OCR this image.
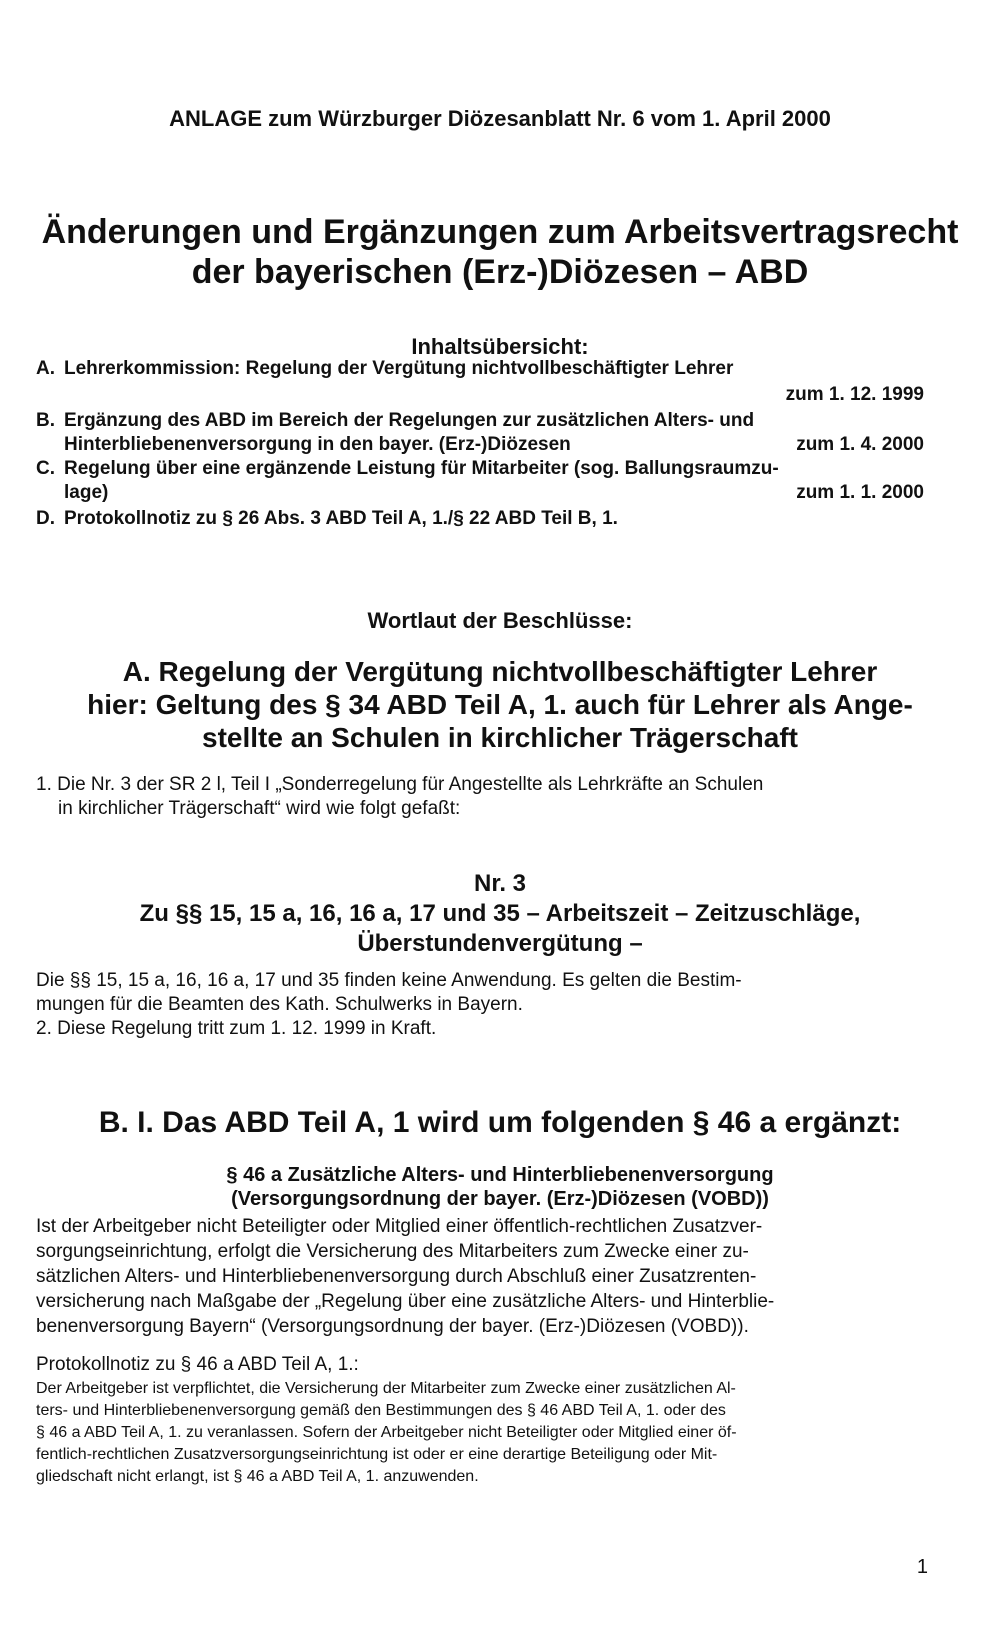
ANLAGE zum Würzburger Diözesanblatt Nr. 6 vom 1. April 2000
Änderungen und Ergänzungen zum Arbeitsvertragsrecht
der bayerischen (Erz-)Diözesen – ABD
Inhaltsübersicht:
A. Lehrerkommission: Regelung der Vergütung nichtvollbeschäftigter Lehrer
zum 1. 12. 1999
B. Ergänzung des ABD im Bereich der Regelungen zur zusätzlichen Alters- und
Hinterbliebenenversorgung in den bayer. (Erz-)Diözesen	zum 1. 4. 2000
C. Regelung über eine ergänzende Leistung für Mitarbeiter (sog. Ballungsraumzu-
lage)	zum 1. 1. 2000
D. Protokollnotiz zu § 26 Abs. 3 ABD Teil A, 1./§ 22 ABD Teil B, 1.
Wortlaut der Beschlüsse:
A. Regelung der Vergütung nichtvollbeschäftigter Lehrer
hier: Geltung des § 34 ABD Teil A, 1. auch für Lehrer als Ange-
stellte an Schulen in kirchlicher Trägerschaft
1. Die Nr. 3 der SR 2 l, Teil I „Sonderregelung für Angestellte als Lehrkräfte an Schulen
in kirchlicher Trägerschaft“ wird wie folgt gefaßt:
Nr. 3
Zu §§ 15, 15 a, 16, 16 a, 17 und 35 – Arbeitszeit – Zeitzuschläge,
Überstundenvergütung –
Die §§ 15, 15 a, 16, 16 a, 17 und 35 finden keine Anwendung. Es gelten die Bestim-
mungen für die Beamten des Kath. Schulwerks in Bayern.
2. Diese Regelung tritt zum 1. 12. 1999 in Kraft.
B. I. Das ABD Teil A, 1 wird um folgenden § 46 a ergänzt:
§ 46 a Zusätzliche Alters- und Hinterbliebenenversorgung
(Versorgungsordnung der bayer. (Erz-)Diözesen (VOBD))
Ist der Arbeitgeber nicht Beteiligter oder Mitglied einer öffentlich-rechtlichen Zusatzver-
sorgungseinrichtung, erfolgt die Versicherung des Mitarbeiters zum Zwecke einer zu-
sätzlichen Alters- und Hinterbliebenenversorgung durch Abschluß einer Zusatzrenten-
versicherung nach Maßgabe der „Regelung über eine zusätzliche Alters- und Hinterblie-
benenversorgung Bayern“ (Versorgungsordnung der bayer. (Erz-)Diözesen (VOBD)).
Protokollnotiz zu § 46 a ABD Teil A, 1.:
Der Arbeitgeber ist verpflichtet, die Versicherung der Mitarbeiter zum Zwecke einer zusätzlichen Al-
ters- und Hinterbliebenenversorgung gemäß den Bestimmungen des § 46 ABD Teil A, 1. oder des
§ 46 a ABD Teil A, 1. zu veranlassen. Sofern der Arbeitgeber nicht Beteiligter oder Mitglied einer öf-
fentlich-rechtlichen Zusatzversorgungseinrichtung ist oder er eine derartige Beteiligung oder Mit-
gliedschaft nicht erlangt, ist § 46 a ABD Teil A, 1. anzuwenden.
1
